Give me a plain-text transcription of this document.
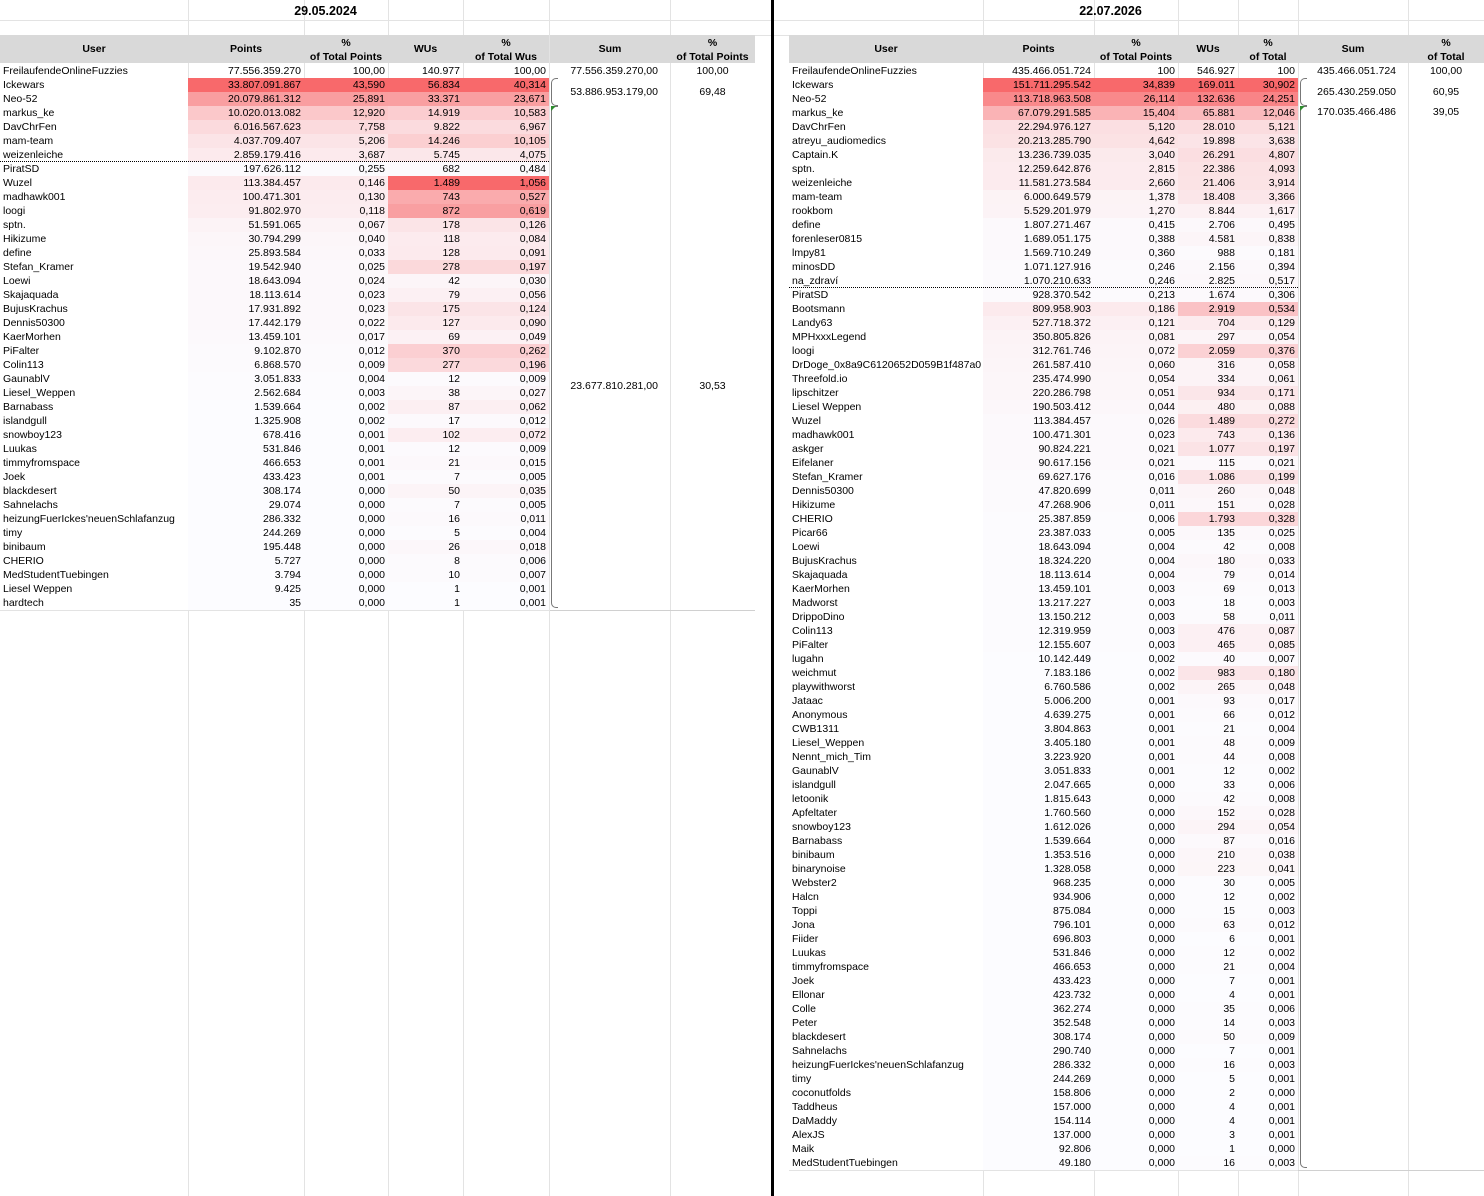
29.05.2024
User	Points	%
of Total Points
WUs	%
of Total Wus
Sum	%
of Total Points
FreilaufendeOnlineFuzzies	77.556.359.270	100,00	140.977	100,00
Ickewars	33.807.091.867	43,590	56.834	40,314
Neo-52	20.079.861.312	25,891	33.371	23,671
markus_ke	10.020.013.082	12,920	14.919	10,583
DavChrFen	6.016.567.623	7,758	9.822	6,967
mam-team	4.037.709.407	5,206	14.246	10,105
weizenleiche	2.859.179.416	3,687	5.745	4,075
PiratSD	197.626.112	0,255	682	0,484
Wuzel	113.384.457	0,146	1.489	1,056
madhawk001	100.471.301	0,130	743	0,527
loogi	91.802.970	0,118	872	0,619
sptn.	51.591.065	0,067	178	0,126
Hikizume	30.794.299	0,040	118	0,084
define	25.893.584	0,033	128	0,091
Stefan_Kramer	19.542.940	0,025	278	0,197
Loewi	18.643.094	0,024	42	0,030
Skajaquada	18.113.614	0,023	79	0,056
BujusKrachus	17.931.892	0,023	175	0,124
Dennis50300	17.442.179	0,022	127	0,090
KaerMorhen	13.459.101	0,017	69	0,049
PiFalter	9.102.870	0,012	370	0,262
Colin113	6.868.570	0,009	277	0,196
GaunablV	3.051.833	0,004	12	0,009
Liesel_Weppen	2.562.684	0,003	38	0,027
Barnabass	1.539.664	0,002	87	0,062
islandgull	1.325.908	0,002	17	0,012
snowboy123	678.416	0,001	102	0,072
Luukas	531.846	0,001	12	0,009
timmyfromspace	466.653	0,001	21	0,015
Joek	433.423	0,001	7	0,005
blackdesert	308.174	0,000	50	0,035
Sahnelachs	29.074	0,000	7	0,005
heizungFuerIckes'neuenSchlafanzug	286.332	0,000	16	0,011
timy	244.269	0,000	5	0,004
binibaum	195.448	0,000	26	0,018
CHERIO	5.727	0,000	8	0,006
MedStudentTuebingen	3.794	0,000	10	0,007
Liesel Weppen	9.425	0,000	1	0,001
hardtech	35	0,000	1	0,001
77.556.359.270,00	100,00
53.886.953.179,00	69,48
23.677.810.281,00	30,53
22.07.2026
User	Points	%
of Total Points
WUs	%
of Total
Sum	%
of Total
FreilaufendeOnlineFuzzies	435.466.051.724	100	546.927	100
Ickewars	151.711.295.542	34,839	169.011	30,902
Neo-52	113.718.963.508	26,114	132.636	24,251
markus_ke	67.079.291.585	15,404	65.881	12,046
DavChrFen	22.294.976.127	5,120	28.010	5,121
atreyu_audiomedics	20.213.285.790	4,642	19.898	3,638
Captain.K	13.236.739.035	3,040	26.291	4,807
sptn.	12.259.642.876	2,815	22.386	4,093
weizenleiche	11.581.273.584	2,660	21.406	3,914
mam-team	6.000.649.579	1,378	18.408	3,366
rookbom	5.529.201.979	1,270	8.844	1,617
define	1.807.271.467	0,415	2.706	0,495
forenleser0815	1.689.051.175	0,388	4.581	0,838
lmpy81	1.569.710.249	0,360	988	0,181
minosDD	1.071.127.916	0,246	2.156	0,394
na_zdraví	1.070.210.633	0,246	2.825	0,517
PiratSD	928.370.542	0,213	1.674	0,306
Bootsmann	809.958.903	0,186	2.919	0,534
Landy63	527.718.372	0,121	704	0,129
MPHxxxLegend	350.805.826	0,081	297	0,054
loogi	312.761.746	0,072	2.059	0,376
DrDoge_0x8a9C6120652D059B1f487a0	261.587.410	0,060	316	0,058
Threefold.io	235.474.990	0,054	334	0,061
lipschitzer	220.286.798	0,051	934	0,171
Liesel Weppen	190.503.412	0,044	480	0,088
Wuzel	113.384.457	0,026	1.489	0,272
madhawk001	100.471.301	0,023	743	0,136
askger	90.824.221	0,021	1.077	0,197
Eifelaner	90.617.156	0,021	115	0,021
Stefan_Kramer	69.627.176	0,016	1.086	0,199
Dennis50300	47.820.699	0,011	260	0,048
Hikizume	47.268.906	0,011	151	0,028
CHERIO	25.387.859	0,006	1.793	0,328
Picar66	23.387.033	0,005	135	0,025
Loewi	18.643.094	0,004	42	0,008
BujusKrachus	18.324.220	0,004	180	0,033
Skajaquada	18.113.614	0,004	79	0,014
KaerMorhen	13.459.101	0,003	69	0,013
Madworst	13.217.227	0,003	18	0,003
DrippoDino	13.150.212	0,003	58	0,011
Colin113	12.319.959	0,003	476	0,087
PiFalter	12.155.607	0,003	465	0,085
lugahn	10.142.449	0,002	40	0,007
weichmut	7.183.186	0,002	983	0,180
playwithworst	6.760.586	0,002	265	0,048
Jataac	5.006.200	0,001	93	0,017
Anonymous	4.639.275	0,001	66	0,012
CWB1311	3.804.863	0,001	21	0,004
Liesel_Weppen	3.405.180	0,001	48	0,009
Nennt_mich_Tim	3.223.920	0,001	44	0,008
GaunablV	3.051.833	0,001	12	0,002
islandgull	2.047.665	0,000	33	0,006
letoonik	1.815.643	0,000	42	0,008
Apfeltater	1.760.560	0,000	152	0,028
snowboy123	1.612.026	0,000	294	0,054
Barnabass	1.539.664	0,000	87	0,016
binibaum	1.353.516	0,000	210	0,038
binarynoise	1.328.058	0,000	223	0,041
Webster2	968.235	0,000	30	0,005
Halcn	934.906	0,000	12	0,002
Toppi	875.084	0,000	15	0,003
Jona	796.101	0,000	63	0,012
Fiider	696.803	0,000	6	0,001
Luukas	531.846	0,000	12	0,002
timmyfromspace	466.653	0,000	21	0,004
Joek	433.423	0,000	7	0,001
Ellonar	423.732	0,000	4	0,001
Colle	362.274	0,000	35	0,006
Peter	352.548	0,000	14	0,003
blackdesert	308.174	0,000	50	0,009
Sahnelachs	290.740	0,000	7	0,001
heizungFuerIckes'neuenSchlafanzug	286.332	0,000	16	0,003
timy	244.269	0,000	5	0,001
coconutfolds	158.806	0,000	2	0,000
Taddheus	157.000	0,000	4	0,001
DaMaddy	154.114	0,000	4	0,001
AlexJS	137.000	0,000	3	0,001
Maik	92.806	0,000	1	0,000
MedStudentTuebingen	49.180	0,000	16	0,003
435.466.051.724	100,00
265.430.259.050	60,95
170.035.466.486	39,05
